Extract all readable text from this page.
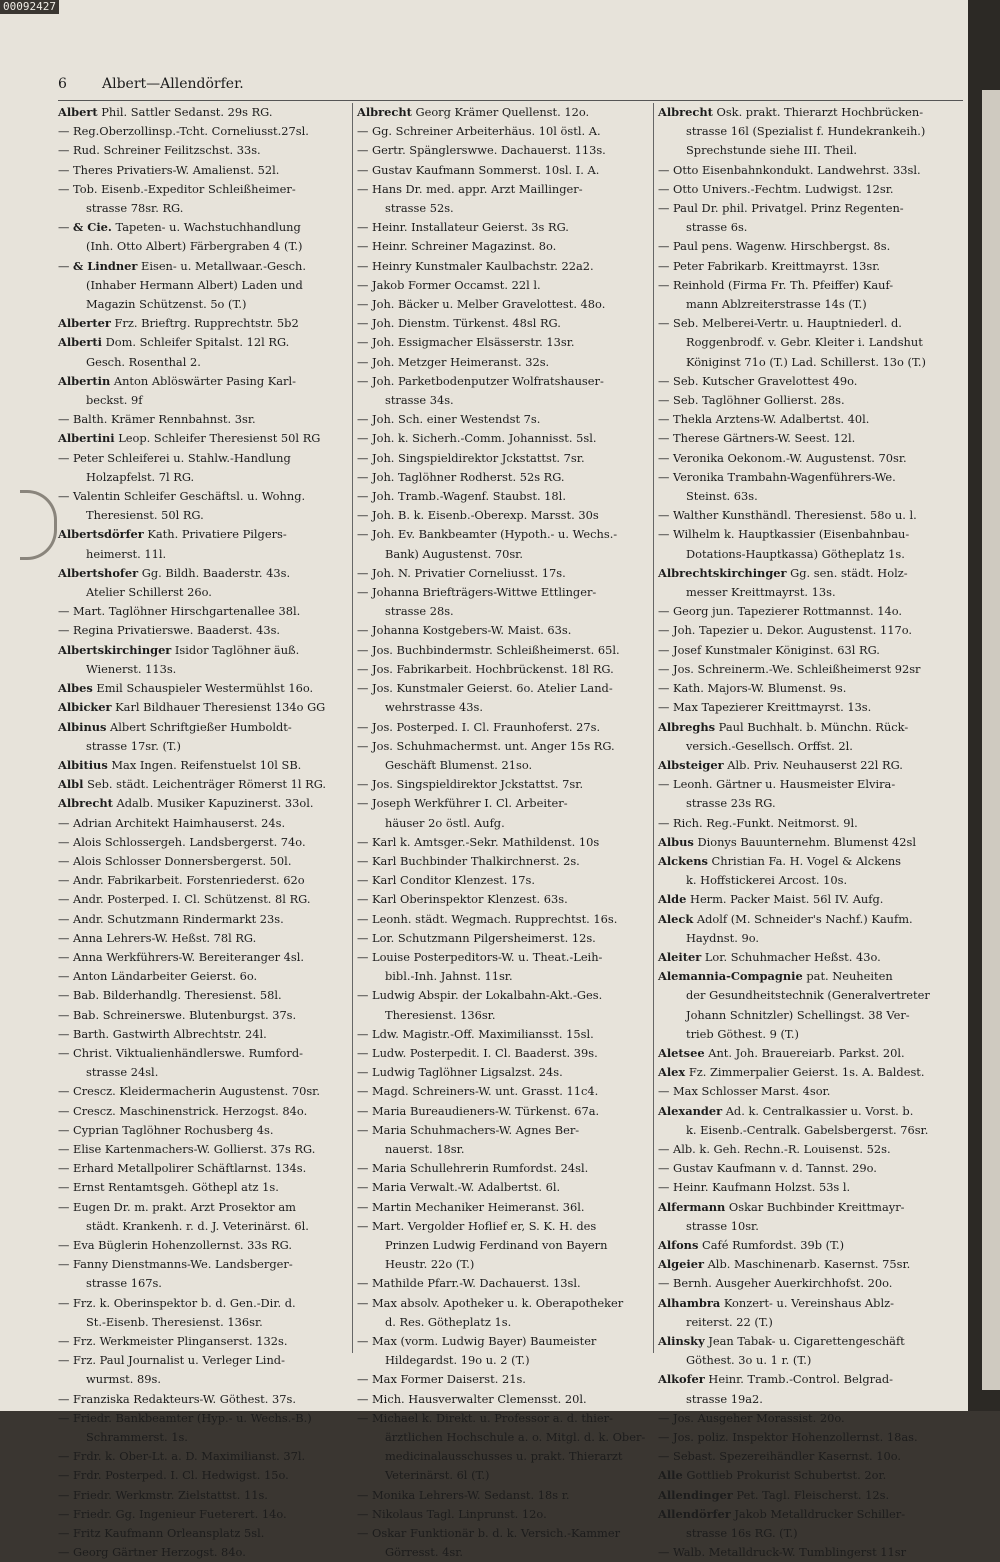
00092427
6	Albert—Allendörfer.
Albert Phil. Sattler Sedanst. 29s RG.
— Reg.Oberzollinsp.-Tcht. Corneliusst.27sl.
— Rud. Schreiner Feilitzschst. 33s.
— Theres Privatiers-W. Amalienst. 52l.
— Tob. Eisenb.-Expeditor Schleißheimer-
strasse 78sr. RG.
— & Cie. Tapeten- u. Wachstuchhandlung
(Inh. Otto Albert) Färbergraben 4 (T.)
— & Lindner Eisen- u. Metallwaar.-Gesch.
(Inhaber Hermann Albert) Laden und
Magazin Schützenst. 5o (T.)
Alberter Frz. Brieftrg. Rupprechtstr. 5b2
Alberti Dom. Schleifer Spitalst. 12l RG.
Gesch. Rosenthal 2.
Albertin Anton Ablöswärter Pasing Karl-
beckst. 9f
— Balth. Krämer Rennbahnst. 3sr.
Albertini Leop. Schleifer Theresienst 50l RG
— Peter Schleiferei u. Stahlw.-Handlung
Holzapfelst. 7l RG.
— Valentin Schleifer Geschäftsl. u. Wohng.
Theresienst. 50l RG.
Albertsdörfer Kath. Privatiere Pilgers-
heimerst. 11l.
Albertshofer Gg. Bildh. Baaderstr. 43s.
Atelier Schillerst 26o.
— Mart. Taglöhner Hirschgartenallee 38l.
— Regina Privatierswe. Baaderst. 43s.
Albertskirchinger Isidor Taglöhner äuß.
Wienerst. 113s.
Albes Emil Schauspieler Westermühlst 16o.
Albicker Karl Bildhauer Theresienst 134o GG
Albinus Albert Schriftgießer Humboldt-
strasse 17sr. (T.)
Albitius Max Ingen. Reifenstuelst 10l SB.
Albl Seb. städt. Leichenträger Römerst 1l RG.
Albrecht Adalb. Musiker Kapuzinerst. 33ol.
— Adrian Architekt Haimhauserst. 24s.
— Alois Schlossergeh. Landsbergerst. 74o.
— Alois Schlosser Donnersbergerst. 50l.
— Andr. Fabrikarbeit. Forstenriederst. 62o
— Andr. Posterped. I. Cl. Schützenst. 8l RG.
— Andr. Schutzmann Rindermarkt 23s.
— Anna Lehrers-W. Heßst. 78l RG.
— Anna Werkführers-W. Bereiteranger 4sl.
— Anton Ländarbeiter Geierst. 6o.
— Bab. Bilderhandlg. Theresienst. 58l.
— Bab. Schreinerswe. Blutenburgst. 37s.
— Barth. Gastwirth Albrechtstr. 24l.
— Christ. Viktualienhändlerswe. Rumford-
strasse 24sl.
— Crescz. Kleidermacherin Augustenst. 70sr.
— Crescz. Maschinenstrick. Herzogst. 84o.
— Cyprian Taglöhner Rochusberg 4s.
— Elise Kartenmachers-W. Gollierst. 37s RG.
— Erhard Metallpolirer Schäftlarnst. 134s.
— Ernst Rentamtsgeh. Göthepl atz 1s.
— Eugen Dr. m. prakt. Arzt Prosektor am
städt. Krankenh. r. d. J. Veterinärst. 6l.
— Eva Büglerin Hohenzollernst. 33s RG.
— Fanny Dienstmanns-We. Landsberger-
strasse 167s.
— Frz. k. Oberinspektor b. d. Gen.-Dir. d.
St.-Eisenb. Theresienst. 136sr.
— Frz. Werkmeister Plinganserst. 132s.
— Frz. Paul Journalist u. Verleger Lind-
wurmst. 89s.
— Franziska Redakteurs-W. Göthest. 37s.
— Friedr. Bankbeamter (Hyp.- u. Wechs.-B.)
Schrammerst. 1s.
— Frdr. k. Ober-Lt. a. D. Maximilianst. 37l.
— Frdr. Posterped. I. Cl. Hedwigst. 15o.
— Friedr. Werkmstr. Zielstattst. 11s.
— Friedr. Gg. Ingenieur Fueterert. 14o.
— Fritz Kaufmann Orleansplatz 5sl.
— Georg Gärtner Herzogst. 84o.
Albrecht Georg Krämer Quellenst. 12o.
— Gg. Schreiner Arbeiterhäus. 10l östl. A.
— Gertr. Spänglerswwe. Dachauerst. 113s.
— Gustav Kaufmann Sommerst. 10sl. I. A.
— Hans Dr. med. appr. Arzt Maillinger-
strasse 52s.
— Heinr. Installateur Geierst. 3s RG.
— Heinr. Schreiner Magazinst. 8o.
— Heinry Kunstmaler Kaulbachstr. 22a2.
— Jakob Former Occamst. 22l l.
— Joh. Bäcker u. Melber Gravelottest. 48o.
— Joh. Dienstm. Türkenst. 48sl RG.
— Joh. Essigmacher Elsässerstr. 13sr.
— Joh. Metzger Heimeranst. 32s.
— Joh. Parketbodenputzer Wolfratshauser-
strasse 34s.
— Joh. Sch. einer Westendst 7s.
— Joh. k. Sicherh.-Comm. Johannisst. 5sl.
— Joh. Singspieldirektor Jckstattst. 7sr.
— Joh. Taglöhner Rodherst. 52s RG.
— Joh. Tramb.-Wagenf. Staubst. 18l.
— Joh. B. k. Eisenb.-Oberexp. Marsst. 30s
— Joh. Ev. Bankbeamter (Hypoth.- u. Wechs.-
Bank) Augustenst. 70sr.
— Joh. N. Privatier Corneliusst. 17s.
— Johanna Briefträgers-Wittwe Ettlinger-
strasse 28s.
— Johanna Kostgebers-W. Maist. 63s.
— Jos. Buchbindermstr. Schleißheimerst. 65l.
— Jos. Fabrikarbeit. Hochbrückenst. 18l RG.
— Jos. Kunstmaler Geierst. 6o. Atelier Land-
wehrstrasse 43s.
— Jos. Posterped. I. Cl. Fraunhoferst. 27s.
— Jos. Schuhmachermst. unt. Anger 15s RG.
Geschäft Blumenst. 21so.
— Jos. Singspieldirektor Jckstattst. 7sr.
— Joseph Werkführer I. Cl. Arbeiter-
häuser 2o östl. Aufg.
— Karl k. Amtsger.-Sekr. Mathildenst. 10s
— Karl Buchbinder Thalkirchnerst. 2s.
— Karl Conditor Klenzest. 17s.
— Karl Oberinspektor Klenzest. 63s.
— Leonh. städt. Wegmach. Rupprechtst. 16s.
— Lor. Schutzmann Pilgersheimerst. 12s.
— Louise Posterpeditors-W. u. Theat.-Leih-
bibl.-Inh. Jahnst. 11sr.
— Ludwig Abspir. der Lokalbahn-Akt.-Ges.
Theresienst. 136sr.
— Ldw. Magistr.-Off. Maximiliansst. 15sl.
— Ludw. Posterpedit. I. Cl. Baaderst. 39s.
— Ludwig Taglöhner Ligsalzst. 24s.
— Magd. Schreiners-W. unt. Grasst. 11c4.
— Maria Bureaudieners-W. Türkenst. 67a.
— Maria Schuhmachers-W. Agnes Ber-
nauerst. 18sr.
— Maria Schullehrerin Rumfordst. 24sl.
— Maria Verwalt.-W. Adalbertst. 6l.
— Martin Mechaniker Heimeranst. 36l.
— Mart. Vergolder Hoflief er, S. K. H. des
Prinzen Ludwig Ferdinand von Bayern
Heustr. 22o (T.)
— Mathilde Pfarr.-W. Dachauerst. 13sl.
— Max absolv. Apotheker u. k. Oberapotheker
d. Res. Götheplatz 1s.
— Max (vorm. Ludwig Bayer) Baumeister
Hildegardst. 19o u. 2 (T.)
— Max Former Daiserst. 21s.
— Mich. Hausverwalter Clemensst. 20l.
— Michael k. Direkt. u. Professor a. d. thier-
ärztlichen Hochschule a. o. Mitgl. d. k. Ober-
medicinalausschusses u. prakt. Thierarzt
Veterinärst. 6l (T.)
— Monika Lehrers-W. Sedanst. 18s r.
— Nikolaus Tagl. Linprunst. 12o.
— Oskar Funktionär b. d. k. Versich.-Kammer
Görresst. 4sr.
Albrecht Osk. prakt. Thierarzt Hochbrücken-
strasse 16l (Spezialist f. Hundekrankeih.)
Sprechstunde siehe III. Theil.
— Otto Eisenbahnkondukt. Landwehrst. 33sl.
— Otto Univers.-Fechtm. Ludwigst. 12sr.
— Paul Dr. phil. Privatgel. Prinz Regenten-
strasse 6s.
— Paul pens. Wagenw. Hirschbergst. 8s.
— Peter Fabrikarb. Kreittmayrst. 13sr.
— Reinhold (Firma Fr. Th. Pfeiffer) Kauf-
mann Ablzreiterstrasse 14s (T.)
— Seb. Melberei-Vertr. u. Hauptniederl. d.
Roggenbrodf. v. Gebr. Kleiter i. Landshut
Königinst 71o (T.) Lad. Schillerst. 13o (T.)
— Seb. Kutscher Gravelottest 49o.
— Seb. Taglöhner Gollierst. 28s.
— Thekla Arztens-W. Adalbertst. 40l.
— Therese Gärtners-W. Seest. 12l.
— Veronika Oekonom.-W. Augustenst. 70sr.
— Veronika Trambahn-Wagenführers-We.
Steinst. 63s.
— Walther Kunsthändl. Theresienst. 58o u. l.
— Wilhelm k. Hauptkassier (Eisenbahnbau-
Dotations-Hauptkassa) Götheplatz 1s.
Albrechtskirchinger Gg. sen. städt. Holz-
messer Kreittmayrst. 13s.
— Georg jun. Tapezierer Rottmannst. 14o.
— Joh. Tapezier u. Dekor. Augustenst. 117o.
— Josef Kunstmaler Königinst. 63l RG.
— Jos. Schreinerm.-We. Schleißheimerst 92sr
— Kath. Majors-W. Blumenst. 9s.
— Max Tapezierer Kreittmayrst. 13s.
Albreghs Paul Buchhalt. b. Münchn. Rück-
versich.-Gesellsch. Orffst. 2l.
Albsteiger Alb. Priv. Neuhauserst 22l RG.
— Leonh. Gärtner u. Hausmeister Elvira-
strasse 23s RG.
— Rich. Reg.-Funkt. Neitmorst. 9l.
Albus Dionys Bauunternehm. Blumenst 42sl
Alckens Christian Fa. H. Vogel & Alckens
k. Hoffstickerei Arcost. 10s.
Alde Herm. Packer Maist. 56l IV. Aufg.
Aleck Adolf (M. Schneider's Nachf.) Kaufm.
Haydnst. 9o.
Aleiter Lor. Schuhmacher Heßst. 43o.
Alemannia-Compagnie pat. Neuheiten
der Gesundheitstechnik (Generalvertreter
Johann Schnitzler) Schellingst. 38 Ver-
trieb Göthest. 9 (T.)
Aletsee Ant. Joh. Brauereiarb. Parkst. 20l.
Alex Fz. Zimmerpalier Geierst. 1s. A. Baldest.
— Max Schlosser Marst. 4sor.
Alexander Ad. k. Centralkassier u. Vorst. b.
k. Eisenb.-Centralk. Gabelsbergerst. 76sr.
— Alb. k. Geh. Rechn.-R. Louisenst. 52s.
— Gustav Kaufmann v. d. Tannst. 29o.
— Heinr. Kaufmann Holzst. 53s l.
Alfermann Oskar Buchbinder Kreittmayr-
strasse 10sr.
Alfons Café Rumfordst. 39b (T.)
Algeier Alb. Maschinenarb. Kasernst. 75sr.
— Bernh. Ausgeher Auerkirchhofst. 20o.
Alhambra Konzert- u. Vereinshaus Ablz-
reiterst. 22 (T.)
Alinsky Jean Tabak- u. Cigarettengeschäft
Göthest. 3o u. 1 r. (T.)
Alkofer Heinr. Tramb.-Control. Belgrad-
strasse 19a2.
— Jos. Ausgeher Morassist. 20o.
— Jos. poliz. Inspektor Hohenzollernst. 18as.
— Sebast. Spezereihändler Kasernst. 10o.
Alle Gottlieb Prokurist Schubertst. 2or.
Allendinger Pet. Tagl. Fleischerst. 12s.
Allendörfer Jakob Metalldrucker Schiller-
strasse 16s RG. (T.)
— Walb. Metalldruck-W. Tumblingerst 11sr
